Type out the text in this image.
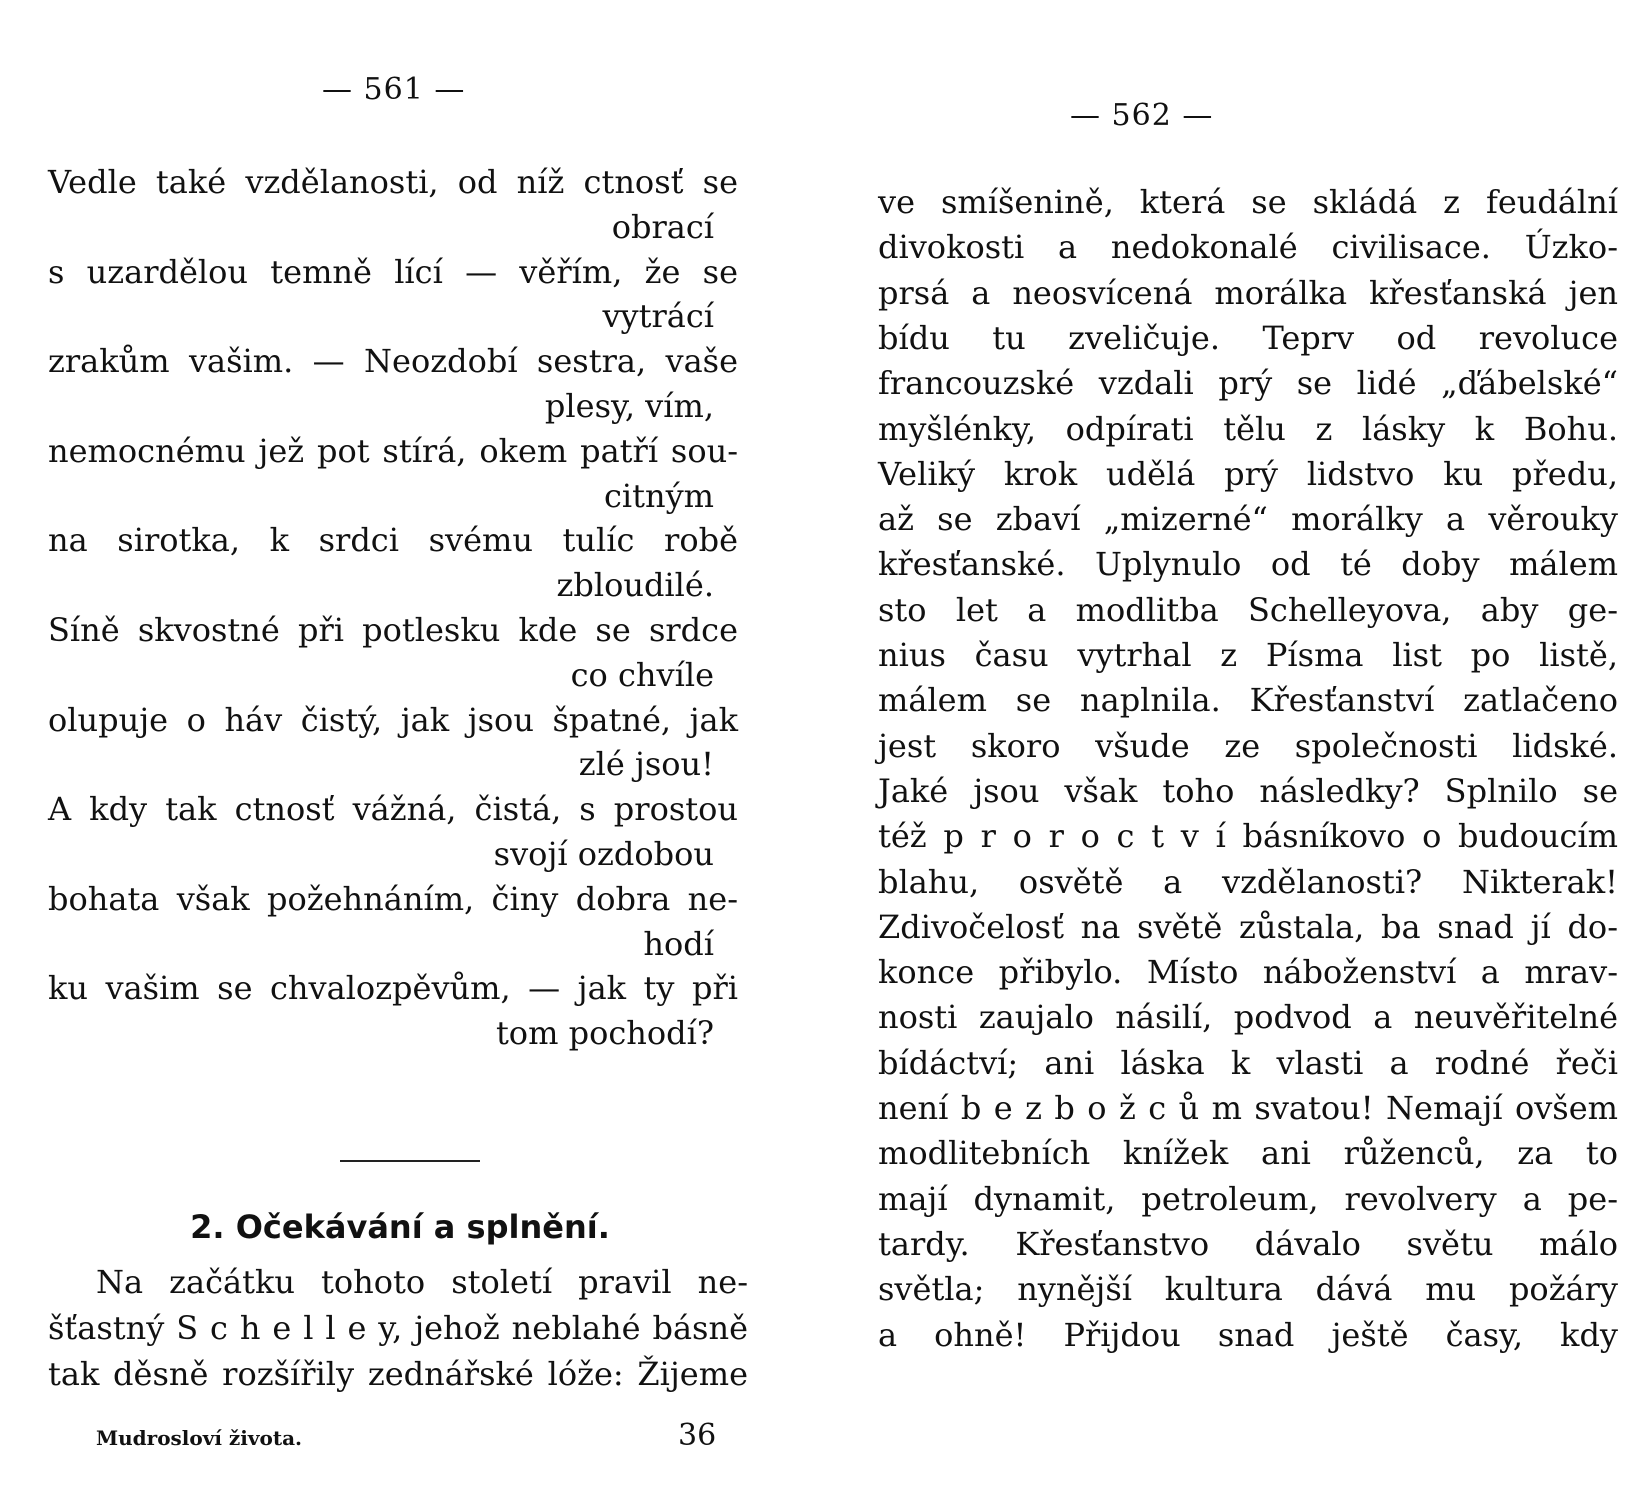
— 561 —
Vedle také vzdělanosti, od níž ctnosť se
obrací
s uzardělou temně lící — věřím, že se
vytrácí
zrakům vašim. — Neozdobí sestra, vaše
plesy, vím,
nemocnému jež pot stírá, okem patří sou-
citným
na sirotka, k srdci svému tulíc robě
zbloudilé.
Síně skvostné při potlesku kde se srdce
co chvíle
olupuje o háv čistý, jak jsou špatné, jak
zlé jsou!
A kdy tak ctnosť vážná, čistá, s prostou
svojí ozdobou
bohata však požehnáním, činy dobra ne-
hodí
ku vašim se chvalozpěvům, — jak ty při
tom pochodí?
2. Očekávání a splnění.
Na začátku tohoto století pravil ne-
šťastný S c h e l l e y, jehož neblahé básně
tak děsně rozšířily zednářské lóže: Žijeme
Mudrosloví života.	36
— 562 —
ve smíšenině, která se skládá z feudální
divokosti a nedokonalé civilisace. Úzko-
prsá a neosvícená morálka křesťanská jen
bídu tu zveličuje. Teprv od revoluce
francouzské vzdali prý se lidé „ďábelské“
myšlénky, odpírati tělu z lásky k Bohu.
Veliký krok udělá prý lidstvo ku předu,
až se zbaví „mizerné“ morálky a věrouky
křesťanské. Uplynulo od té doby málem
sto let a modlitba Schelleyova, aby ge-
nius času vytrhal z Písma list po listě,
málem se naplnila. Křesťanství zatlačeno
jest skoro všude ze společnosti lidské.
Jaké jsou však toho následky? Splnilo se
též p r o r o c t v í básníkovo o budoucím
blahu, osvětě a vzdělanosti? Nikterak!
Zdivočelosť na světě zůstala, ba snad jí do-
konce přibylo. Místo náboženství a mrav-
nosti zaujalo násilí, podvod a neuvěřitelné
bídáctví; ani láska k vlasti a rodné řeči
není b e z b o ž c ů m svatou! Nemají ovšem
modlitebních knížek ani růženců, za to
mají dynamit, petroleum, revolvery a pe-
tardy. Křesťanstvo dávalo světu málo
světla; nynější kultura dává mu požáry
a ohně! Přijdou snad ještě časy, kdy
